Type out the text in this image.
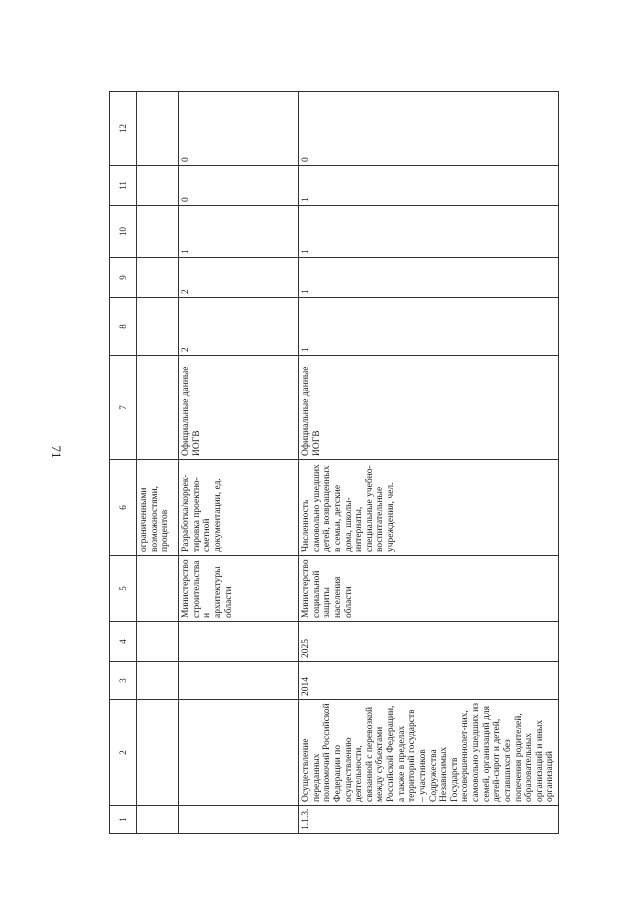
71
1	2	3	4	5	6	7	8	9	10	11	12
					ограниченными возможностями, процентов						
				Министерство строительства и архитектуры области	Разработка/коррек-тировка проектно-сметной документации, ед.	Официальные данные ИОГВ	2	2	1	0	0
1.1.3.	Осуществление переданных полномочий Российской Федерации по осуществлению деятельности, связанной с перевозкой между субъектами Российской Федерации, а также в пределах территорий государств – участников Содружества Независимых Государств несовершеннолет-них, самовольно ушедших из семей, организаций для детей-сирот и детей, оставшихся без попечения родителей, образовательных организаций и иных организаций	2014	2025	Министерство социальной защиты населения области	Численность самовольно ушедших детей, возвращенных в семьи, детские дома, школы-интернаты, специальные учебно-воспитательные учреждения, чел.	Официальные данные ИОГВ	1	1	1	1	0
